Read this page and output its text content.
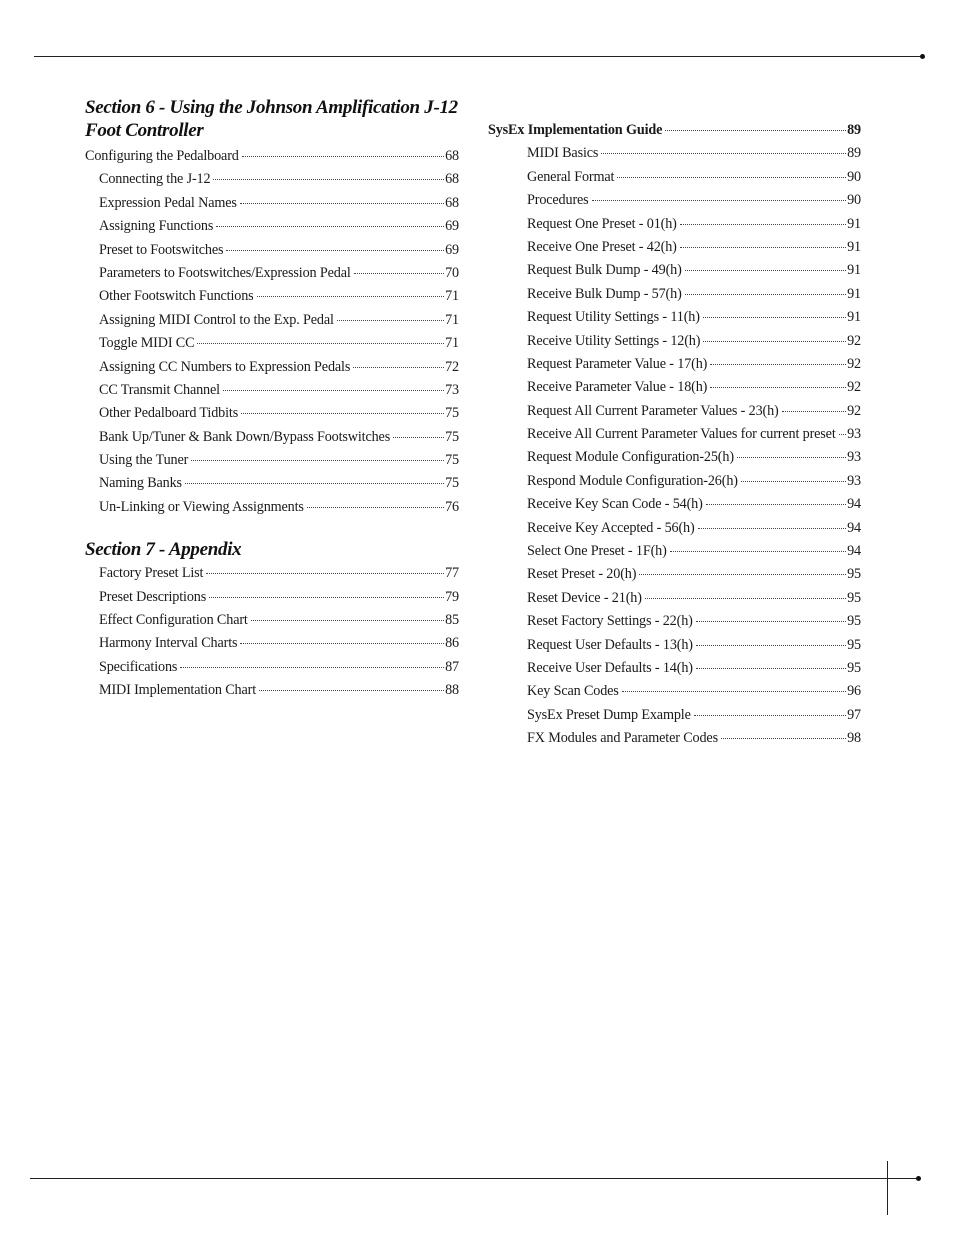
Section 6 - Using the Johnson Amplification J-12 Foot Controller
Configuring the Pedalboard	68
Connecting the J-12	68
Expression Pedal Names	68
Assigning Functions	69
Preset to Footswitches	69
Parameters to Footswitches/Expression Pedal	70
Other Footswitch Functions	71
Assigning MIDI Control to the Exp. Pedal	71
Toggle MIDI CC	71
Assigning CC Numbers to Expression Pedals	72
CC Transmit Channel	73
Other Pedalboard Tidbits	75
Bank Up/Tuner & Bank Down/Bypass Footswitches	75
Using the Tuner	75
Naming Banks	75
Un-Linking or Viewing Assignments	76
Section 7 - Appendix
Factory Preset List	77
Preset Descriptions	79
Effect Configuration Chart	85
Harmony Interval Charts	86
Specifications	87
MIDI Implementation Chart	88
SysEx Implementation Guide	89
MIDI Basics	89
General Format	90
Procedures	90
Request One Preset - 01(h)	91
Receive One Preset - 42(h)	91
Request Bulk Dump - 49(h)	91
Receive Bulk Dump - 57(h)	91
Request Utility Settings - 11(h)	91
Receive Utility Settings - 12(h)	92
Request Parameter Value - 17(h)	92
Receive Parameter Value - 18(h)	92
Request All Current Parameter Values - 23(h)	92
Receive All Current Parameter Values for current preset 93
Request Module Configuration-25(h)	93
Respond Module Configuration-26(h)	93
Receive Key Scan Code - 54(h)	94
Receive Key Accepted - 56(h)	94
Select One Preset - 1F(h)	94
Reset Preset - 20(h)	95
Reset Device - 21(h)	95
Reset Factory Settings - 22(h)	95
Request User Defaults - 13(h)	95
Receive User Defaults - 14(h)	95
Key Scan Codes	96
SysEx Preset Dump Example	97
FX Modules and Parameter Codes	98
